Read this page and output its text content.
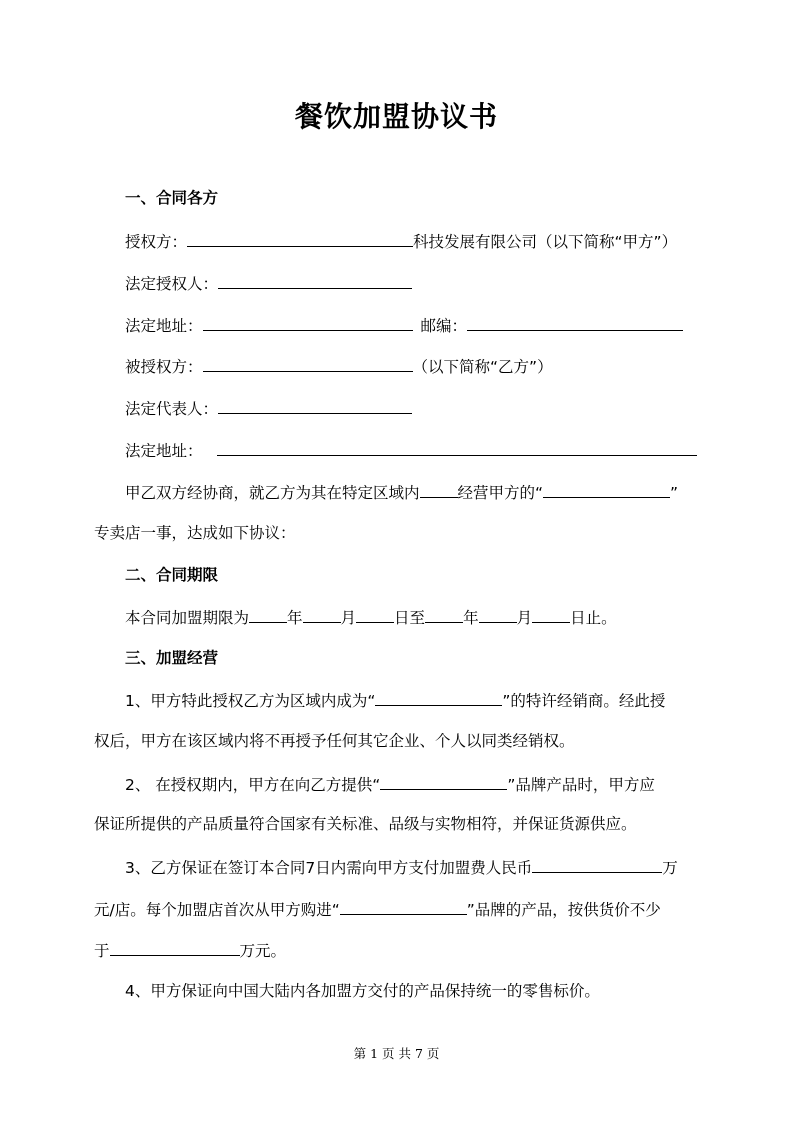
餐饮加盟协议书
一、合同各方
授权方：	科技发展有限公司（以下简称“甲方”）
法定授权人：
法定地址：	邮编：
被授权方：	（以下简称“乙方”）
法定代表人：
法定地址：
甲乙双方经协商，就乙方为其在特定区域内 经营甲方的“	”
专卖店一事，达成如下协议：
二、合同期限
本合同加盟期限为 年 月 日至 年 月 日止。
三、加盟经营
1、甲方特此授权乙方为区域内成为“	”的特许经销商。经此授
权后，甲方在该区域内将不再授予任何其它企业、个人以同类经销权。
2、 在授权期内，甲方在向乙方提供“	”品牌产品时，甲方应
保证所提供的产品质量符合国家有关标准、品级与实物相符，并保证货源供应。
3、乙方保证在签订本合同7日内需向甲方支付加盟费人民币	万
元/店。每个加盟店首次从甲方购进“	”品牌的产品，按供货价不少
于	万元。
4、甲方保证向中国大陆内各加盟方交付的产品保持统一的零售标价。
第 1 页 共 7 页
